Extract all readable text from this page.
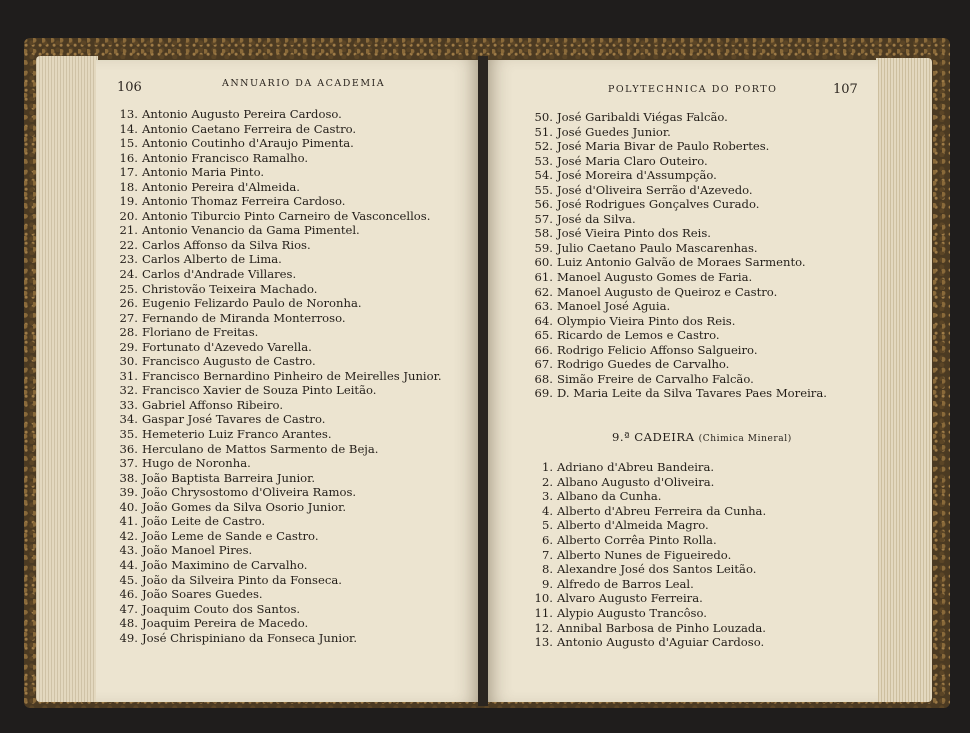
106	ANNUARIO DA ACADEMIA
POLYTECHNICA DO PORTO	107
13. Antonio Augusto Pereira Cardoso.
14. Antonio Caetano Ferreira de Castro.
15. Antonio Coutinho d'Araujo Pimenta.
16. Antonio Francisco Ramalho.
17. Antonio Maria Pinto.
18. Antonio Pereira d'Almeida.
19. Antonio Thomaz Ferreira Cardoso.
20. Antonio Tiburcio Pinto Carneiro de Vasconcellos.
21. Antonio Venancio da Gama Pimentel.
22. Carlos Affonso da Silva Rios.
23. Carlos Alberto de Lima.
24. Carlos d'Andrade Villares.
25. Christovão Teixeira Machado.
26. Eugenio Felizardo Paulo de Noronha.
27. Fernando de Miranda Monterroso.
28. Floriano de Freitas.
29. Fortunato d'Azevedo Varella.
30. Francisco Augusto de Castro.
31. Francisco Bernardino Pinheiro de Meirelles Junior.
32. Francisco Xavier de Souza Pinto Leitão.
33. Gabriel Affonso Ribeiro.
34. Gaspar José Tavares de Castro.
35. Hemeterio Luiz Franco Arantes.
36. Herculano de Mattos Sarmento de Beja.
37. Hugo de Noronha.
38. João Baptista Barreira Junior.
39. João Chrysostomo d'Oliveira Ramos.
40. João Gomes da Silva Osorio Junior.
41. João Leite de Castro.
42. João Leme de Sande e Castro.
43. João Manoel Pires.
44. João Maximino de Carvalho.
45. João da Silveira Pinto da Fonseca.
46. João Soares Guedes.
47. Joaquim Couto dos Santos.
48. Joaquim Pereira de Macedo.
49. José Chrispiniano da Fonseca Junior.
50. José Garibaldi Viégas Falcão.
51. José Guedes Junior.
52. José Maria Bivar de Paulo Robertes.
53. José Maria Claro Outeiro.
54. José Moreira d'Assumpção.
55. José d'Oliveira Serrão d'Azevedo.
56. José Rodrigues Gonçalves Curado.
57. José da Silva.
58. José Vieira Pinto dos Reis.
59. Julio Caetano Paulo Mascarenhas.
60. Luiz Antonio Galvão de Moraes Sarmento.
61. Manoel Augusto Gomes de Faria.
62. Manoel Augusto de Queiroz e Castro.
63. Manoel José Aguia.
64. Olympio Vieira Pinto dos Reis.
65. Ricardo de Lemos e Castro.
66. Rodrigo Felicio Affonso Salgueiro.
67. Rodrigo Guedes de Carvalho.
68. Simão Freire de Carvalho Falcão.
69. D. Maria Leite da Silva Tavares Paes Moreira.
9.ª CADEIRA (Chimica Mineral)
1. Adriano d'Abreu Bandeira.
2. Albano Augusto d'Oliveira.
3. Albano da Cunha.
4. Alberto d'Abreu Ferreira da Cunha.
5. Alberto d'Almeida Magro.
6. Alberto Corrêa Pinto Rolla.
7. Alberto Nunes de Figueiredo.
8. Alexandre José dos Santos Leitão.
9. Alfredo de Barros Leal.
10. Alvaro Augusto Ferreira.
11. Alypio Augusto Trancôso.
12. Annibal Barbosa de Pinho Louzada.
13. Antonio Augusto d'Aguiar Cardoso.
